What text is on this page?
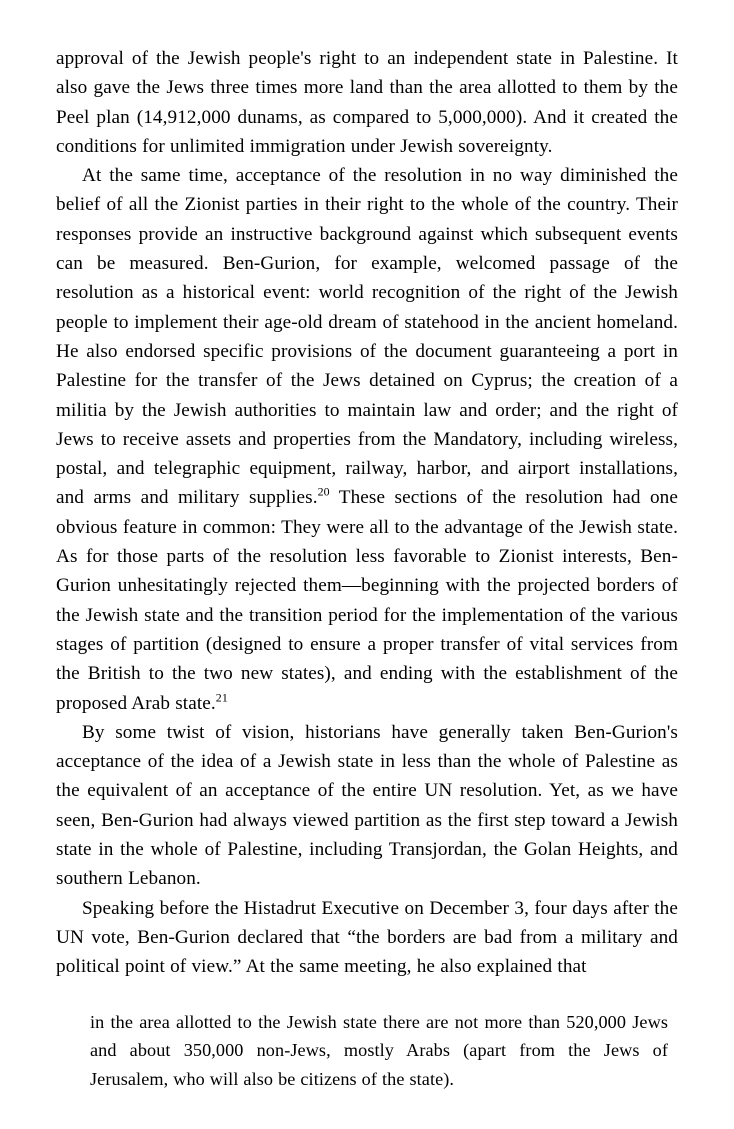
approval of the Jewish people's right to an independent state in Palestine. It also gave the Jews three times more land than the area allotted to them by the Peel plan (14,912,000 dunams, as compared to 5,000,000). And it created the conditions for unlimited immigration under Jewish sovereignty.

At the same time, acceptance of the resolution in no way diminished the belief of all the Zionist parties in their right to the whole of the country. Their responses provide an instructive background against which subsequent events can be measured. Ben-Gurion, for example, welcomed passage of the resolution as a historical event: world recognition of the right of the Jewish people to implement their age-old dream of statehood in the ancient homeland. He also endorsed specific provisions of the document guaranteeing a port in Palestine for the transfer of the Jews detained on Cyprus; the creation of a militia by the Jewish authorities to maintain law and order; and the right of Jews to receive assets and properties from the Mandatory, including wireless, postal, and telegraphic equipment, railway, harbor, and airport installations, and arms and military supplies.$^{20}$ These sections of the resolution had one obvious feature in common: They were all to the advantage of the Jewish state. As for those parts of the resolution less favorable to Zionist interests, Ben-Gurion unhesitatingly rejected them—beginning with the projected borders of the Jewish state and the transition period for the implementation of the various stages of partition (designed to ensure a proper transfer of vital services from the British to the two new states), and ending with the establishment of the proposed Arab state.$^{21}$

By some twist of vision, historians have generally taken Ben-Gurion's acceptance of the idea of a Jewish state in less than the whole of Palestine as the equivalent of an acceptance of the entire UN resolution. Yet, as we have seen, Ben-Gurion had always viewed partition as the first step toward a Jewish state in the whole of Palestine, including Transjordan, the Golan Heights, and southern Lebanon.

Speaking before the Histadrut Executive on December 3, four days after the UN vote, Ben-Gurion declared that “the borders are bad from a military and political point of view.” At the same meeting, he also explained that

in the area allotted to the Jewish state there are not more than 520,000 Jews and about 350,000 non-Jews, mostly Arabs (apart from the Jews of Jerusalem, who will also be citizens of the state).
